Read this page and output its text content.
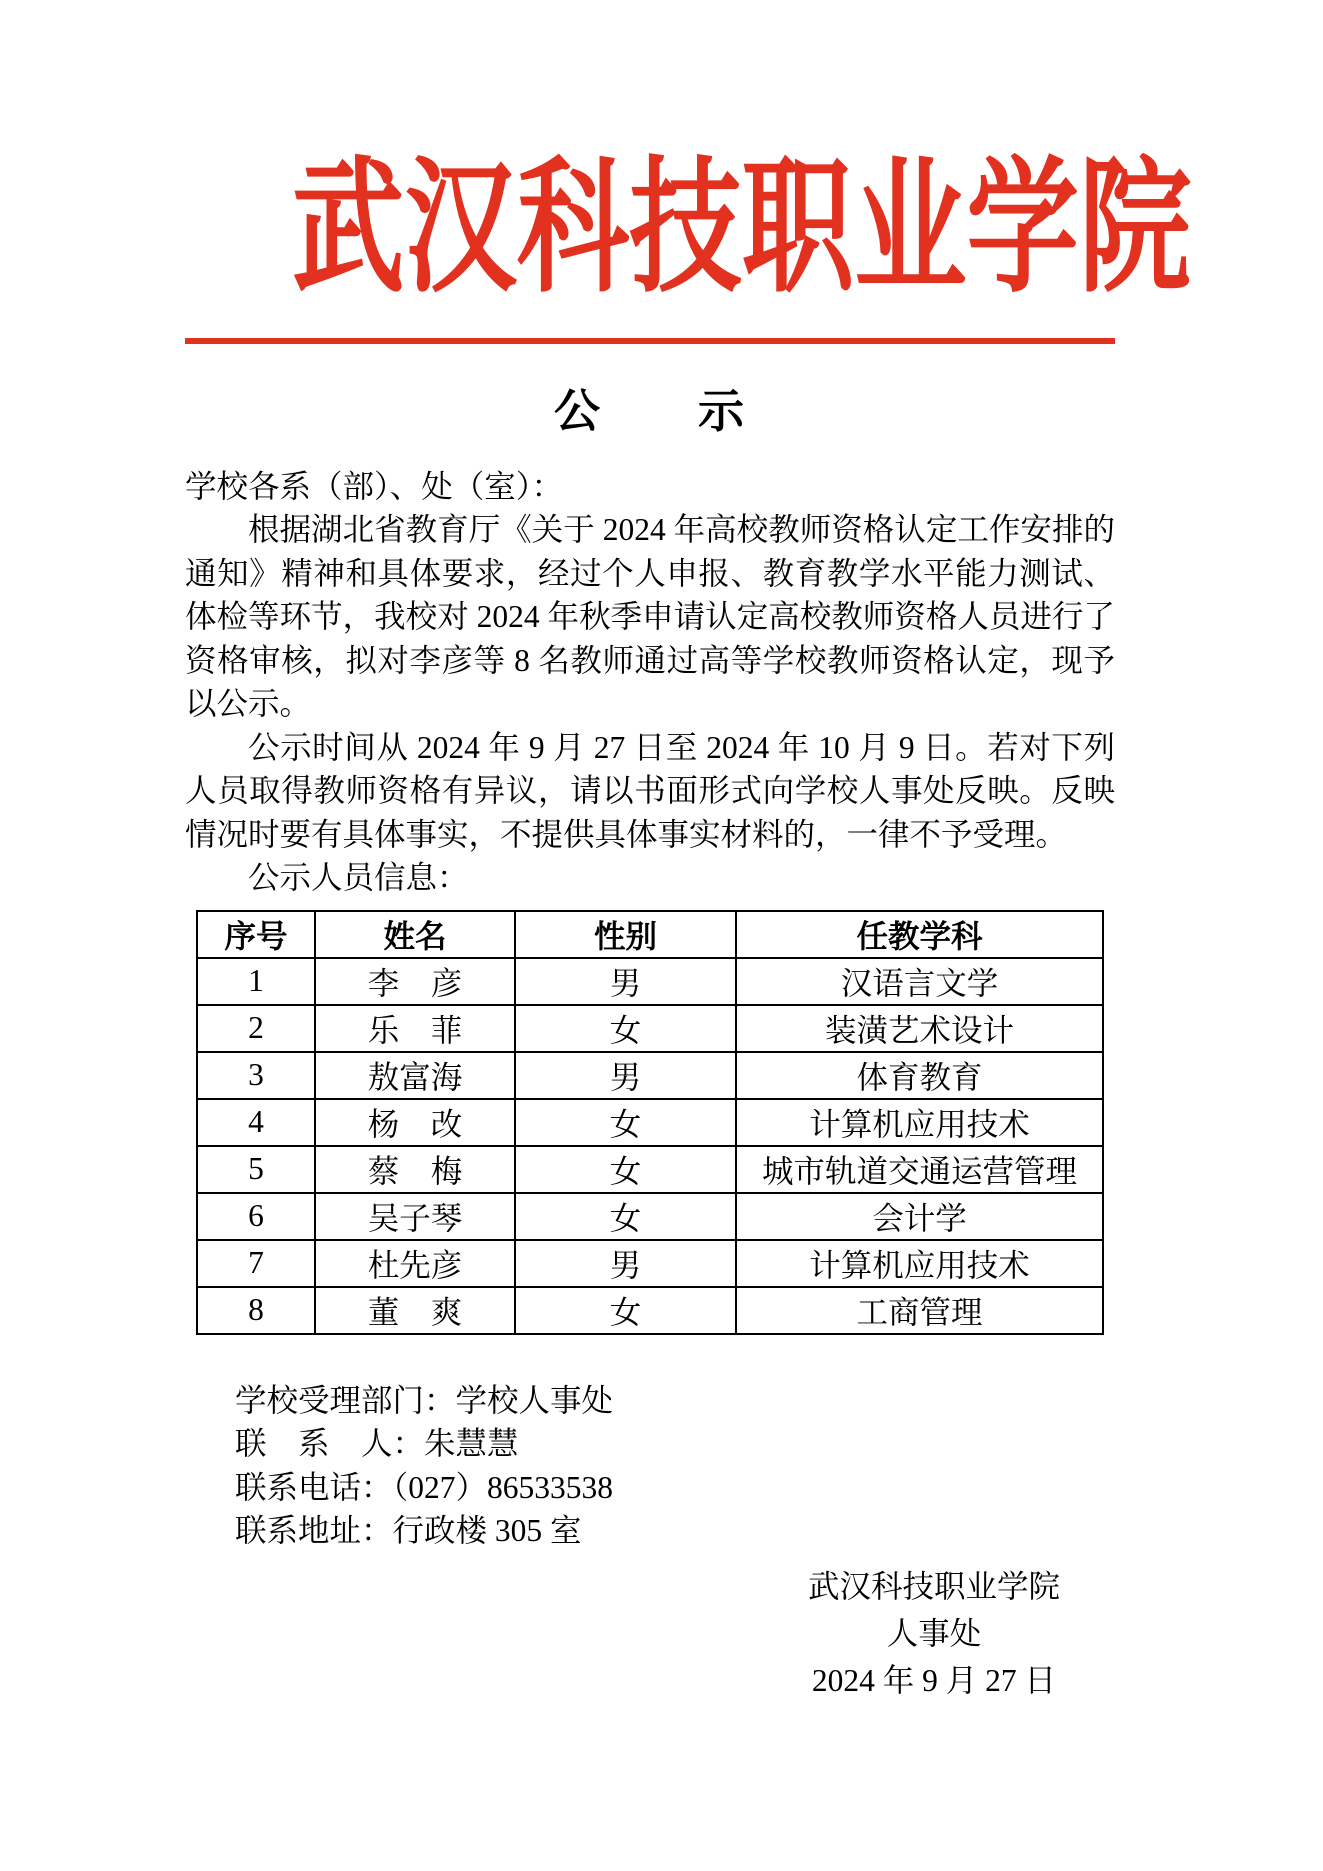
武汉科技职业学院
公　　示

学校各系（部）、处（室）：

根据湖北省教育厅《关于 2024 年高校教师资格认定工作安排的通知》精神和具体要求，经过个人申报、教育教学水平能力测试、体检等环节，我校对 2024 年秋季申请认定高校教师资格人员进行了资格审核，拟对李彦等 8 名教师通过高等学校教师资格认定，现予以公示。

公示时间从 2024 年 9 月 27 日至 2024 年 10 月 9 日。若对下列人员取得教师资格有异议，请以书面形式向学校人事处反映。反映情况时要有具体事实，不提供具体事实材料的，一律不予受理。

公示人员信息：

序号	姓名	性别	任教学科
1	李　彦	男	汉语言文学
2	乐　菲	女	装潢艺术设计
3	敖富海	男	体育教育
4	杨　改	女	计算机应用技术
5	蔡　梅	女	城市轨道交通运营管理
6	吴子琴	女	会计学
7	杜先彦	男	计算机应用技术
8	董　爽	女	工商管理
学校受理部门：学校人事处
联　系　人：朱慧慧
联系电话：（027）86533538
联系地址：行政楼 305 室
武汉科技职业学院
人事处
2024 年 9 月 27 日
